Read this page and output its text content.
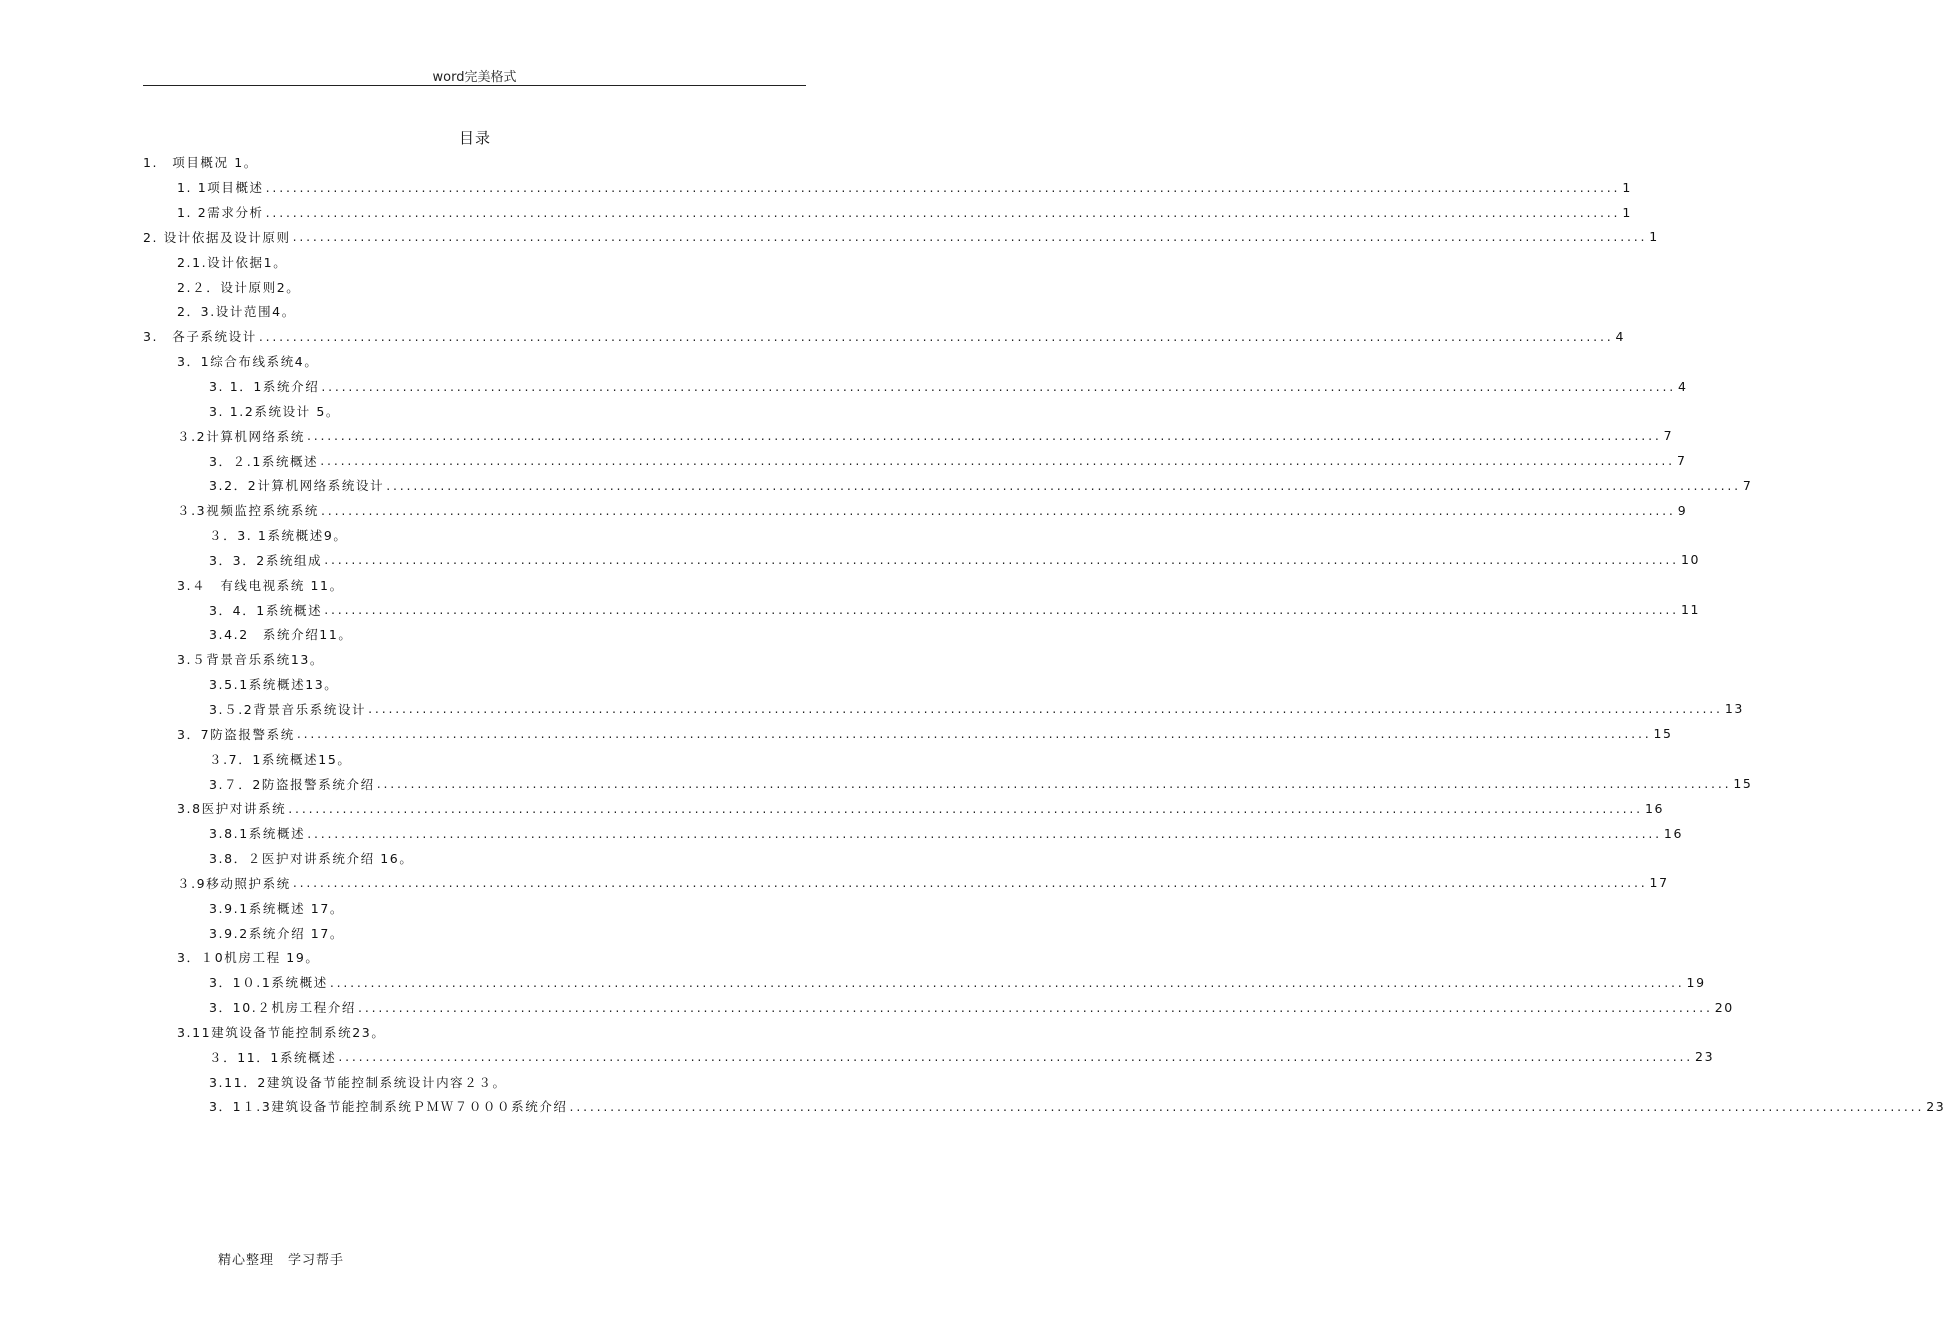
word完美格式
目录
1.　项目概况 1。
1. 1项目概述 ........................................................................................................................................................................................................ 1
1. 2需求分析 ........................................................................................................................................................................................................ 1
2. 设计依据及设计原则 ........................................................................................................................................................................................................ 1
2.1.设计依据1。
2.２．设计原则2。
2．3.设计范围4。
3.　各子系统设计 ........................................................................................................................................................................................................ 4
3．1综合布线系统4。
3. 1．1系统介绍 ........................................................................................................................................................................................................ 4
3. 1.2系统设计 5。
３.2计算机网络系统 ........................................................................................................................................................................................................ 7
3．２.1系统概述 ........................................................................................................................................................................................................ 7
3.2．2计算机网络系统设计 ........................................................................................................................................................................................................ 7
３.3视频监控系统系统 ........................................................................................................................................................................................................ 9
３．3. 1系统概述9。
3．3．2系统组成 ........................................................................................................................................................................................................ 10
3.４　有线电视系统 11。
3．4．1系统概述 ........................................................................................................................................................................................................ 11
3.4.2　系统介绍11。
3.５背景音乐系统13。
3.5.1系统概述13。
3.５.2背景音乐系统设计 ........................................................................................................................................................................................................ 13
3．7防盗报警系统 ........................................................................................................................................................................................................ 15
３.7．1系统概述15。
3.７．2防盗报警系统介绍 ........................................................................................................................................................................................................ 15
3.8医护对讲系统 ........................................................................................................................................................................................................ 16
3.8.1系统概述 ........................................................................................................................................................................................................ 16
3.8．２医护对讲系统介绍 16。
３.9移动照护系统 ........................................................................................................................................................................................................ 17
3.9.1系统概述 17。
3.9.2系统介绍 17。
3．１0机房工程 19。
3．1０.1系统概述 ........................................................................................................................................................................................................ 19
3．10.２机房工程介绍 ........................................................................................................................................................................................................ 20
3.11建筑设备节能控制系统23。
３．11．1系统概述 ........................................................................................................................................................................................................ 23
3.11．2建筑设备节能控制系统设计内容２３。
3．1１.3建筑设备节能控制系统ＰＭＷ７０００系统介绍 ........................................................................................................................................................................................................ 23
精心整理　学习帮手
